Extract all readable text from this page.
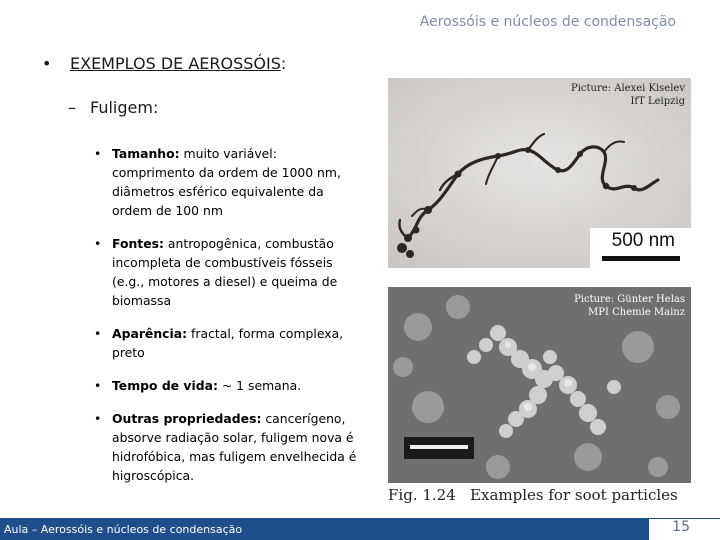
Aerossóis e núcleos de condensação
• EXEMPLOS DE AEROSSÓIS:
– Fuligem:
• Tamanho: muito variável: comprimento da ordem de 1000 nm, diâmetros esférico equivalente da ordem de 100 nm
• Fontes: antropogênica, combustão incompleta de combustíveis fósseis (e.g., motores a diesel) e queima de biomassa
• Aparência: fractal, forma complexa, preto
• Tempo de vida: ~ 1 semana.
• Outras propriedades: cancerígeno, absorve radiação solar, fuligem nova é hidrofóbica, mas fuligem envelhecida é higroscópica.
Picture: Alexei Kiselev
IfT Leipzig
500 nm
Picture: Günter Helas
MPI Chemie Mainz
Fig. 1.24   Examples for soot particles
Aula – Aerossóis e núcleos de condensação	15
